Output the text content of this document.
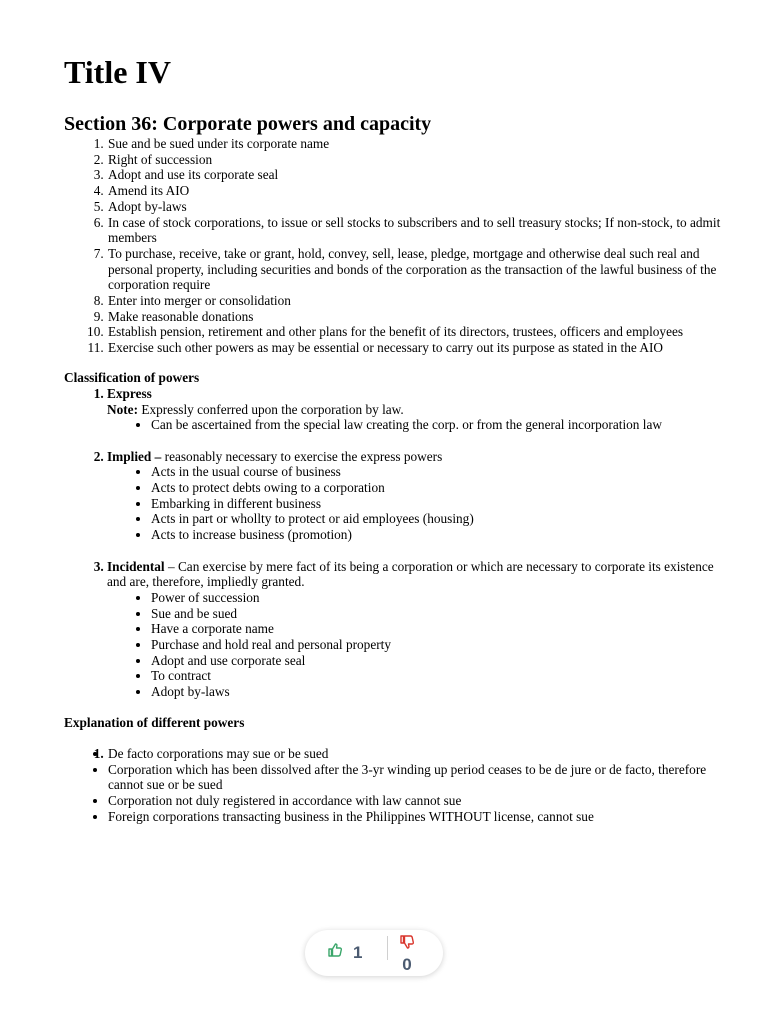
Title IV
Section 36: Corporate powers and capacity
1. Sue and be sued under its corporate name
2. Right of succession
3. Adopt and use its corporate seal
4. Amend its AIO
5. Adopt by-laws
6. In case of stock corporations, to issue or sell stocks to subscribers and to sell treasury stocks; If non-stock, to admit members
7. To purchase, receive, take or grant, hold, convey, sell, lease, pledge, mortgage and otherwise deal such real and personal property, including securities and bonds of the corporation as the transaction of the lawful business of the corporation require
8. Enter into merger or consolidation
9. Make reasonable donations
10. Establish pension, retirement and other plans for the benefit of its directors, trustees, officers and employees
11. Exercise such other powers as may be essential or necessary to carry out its purpose as stated in the AIO
Classification of powers
1. Express
Note: Expressly conferred upon the corporation by law.
• Can be ascertained from the special law creating the corp. or from the general incorporation law
2. Implied – reasonably necessary to exercise the express powers
• Acts in the usual course of business
• Acts to protect debts owing to a corporation
• Embarking in different business
• Acts in part or whollty to protect or aid employees (housing)
• Acts to increase business (promotion)
3. Incidental – Can exercise by mere fact of its being a corporation or which are necessary to corporate its existence and are, therefore, impliedly granted.
• Power of succession
• Sue and be sued
• Have a corporate name
• Purchase and hold real and personal property
• Adopt and use corporate seal
• To contract
• Adopt by-laws
Explanation of different powers
• 1. De facto corporations may sue or be sued
• Corporation which has been dissolved after the 3-yr winding up period ceases to be de jure or de facto, therefore cannot sue or be sued
• Corporation not duly registered in accordance with law cannot sue
• Foreign corporations transacting business in the Philippines WITHOUT license, cannot sue
1
0
